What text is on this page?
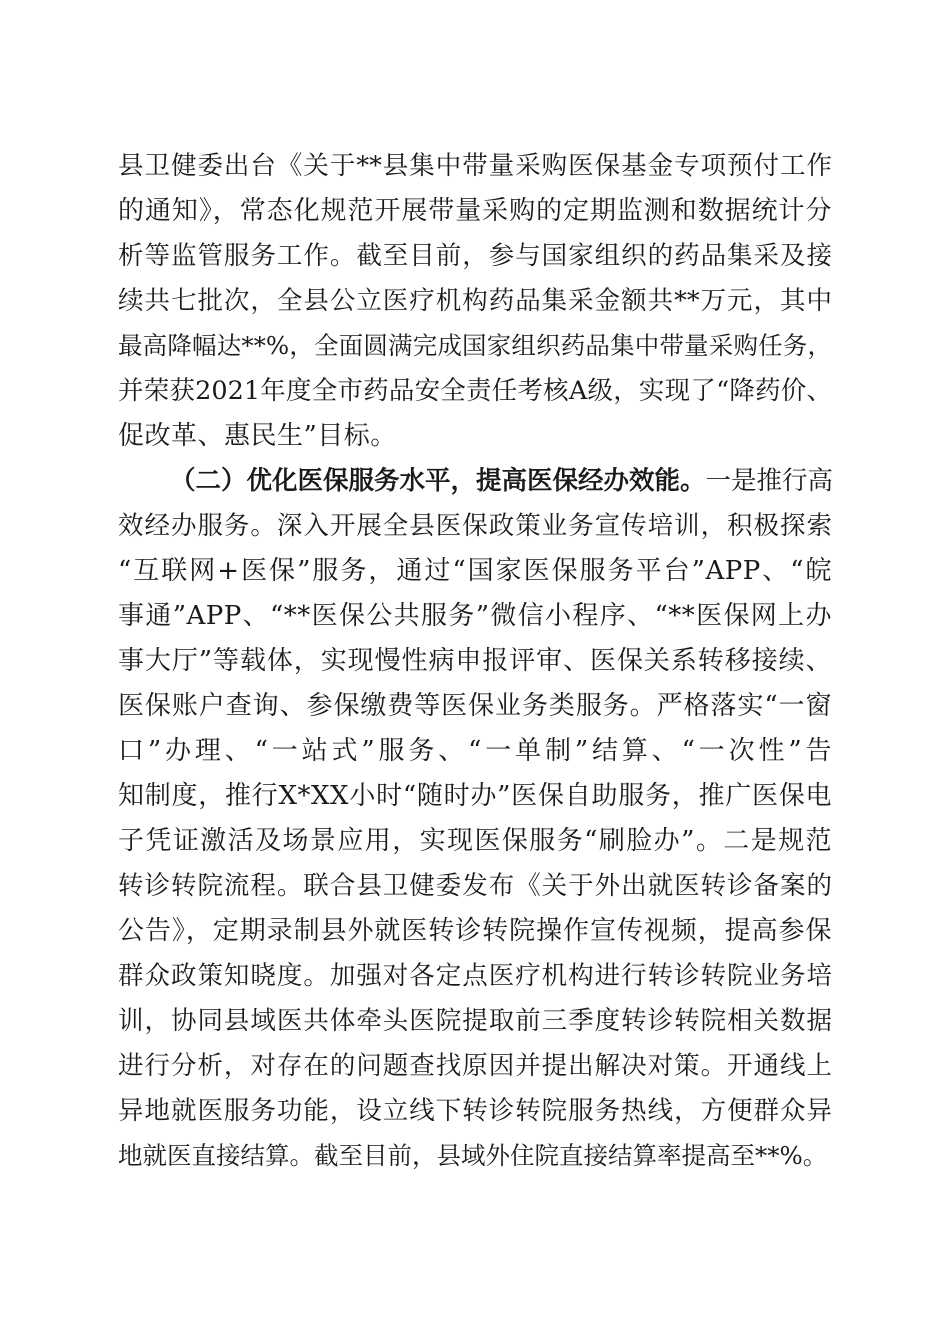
县卫健委出台《关于**县集中带量采购医保基金专项预付工作
的通知》，常态化规范开展带量采购的定期监测和数据统计分
析等监管服务工作。截至目前，参与国家组织的药品集采及接
续共七批次，全县公立医疗机构药品集采金额共**万元，其中
最高降幅达**%，全面圆满完成国家组织药品集中带量采购任务，
并荣获2021年度全市药品安全责任考核A级，实现了“降药价、
促改革、惠民生”目标。
（二）优化医保服务水平，提高医保经办效能。一是推行高
效经办服务。深入开展全县医保政策业务宣传培训，积极探索
“互联网+医保”服务，通过“国家医保服务平台”APP、“皖
事通”APP、“**医保公共服务”微信小程序、“**医保网上办
事大厅”等载体，实现慢性病申报评审、医保关系转移接续、
医保账户查询、参保缴费等医保业务类服务。严格落实“一窗
口”办理、“一站式”服务、“一单制”结算、“一次性”告
知制度，推行X*XX小时“随时办”医保自助服务，推广医保电
子凭证激活及场景应用，实现医保服务“刷脸办”。二是规范
转诊转院流程。联合县卫健委发布《关于外出就医转诊备案的
公告》，定期录制县外就医转诊转院操作宣传视频，提高参保
群众政策知晓度。加强对各定点医疗机构进行转诊转院业务培
训，协同县域医共体牵头医院提取前三季度转诊转院相关数据
进行分析，对存在的问题查找原因并提出解决对策。开通线上
异地就医服务功能，设立线下转诊转院服务热线，方便群众异
地就医直接结算。截至目前，县域外住院直接结算率提高至**%。
